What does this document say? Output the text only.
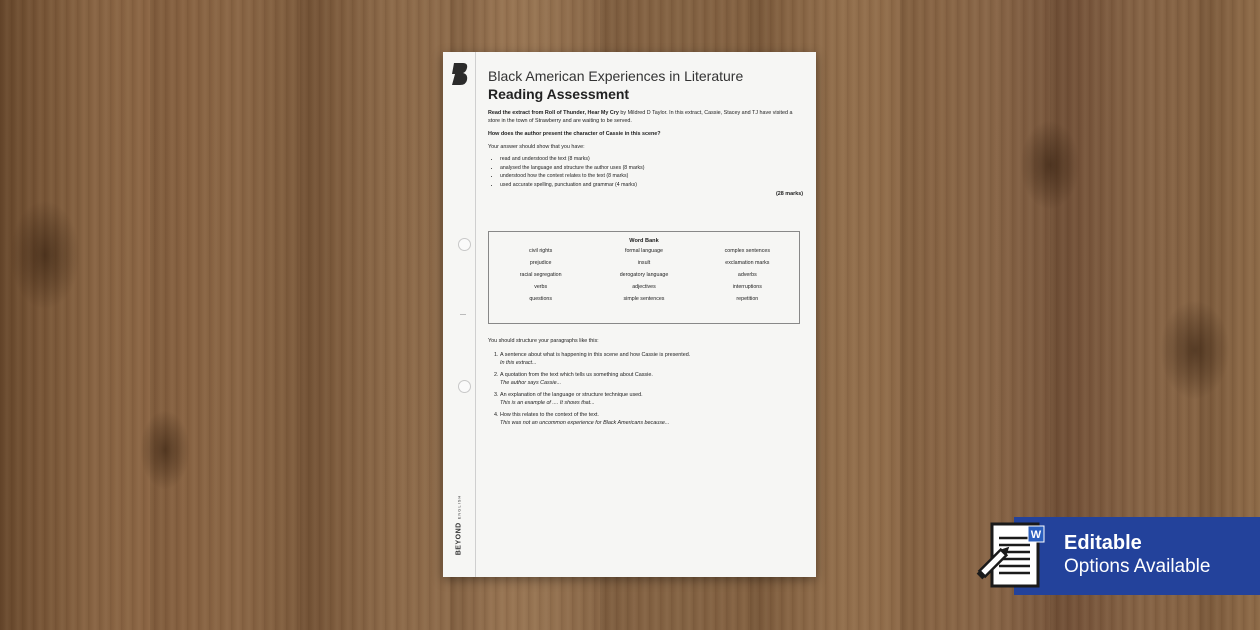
BEYONDENGLISH
Black American Experiences in Literature
Reading Assessment
Read the extract from Roll of Thunder, Hear My Cry by Mildred D Taylor. In this extract, Cassie, Stacey and TJ have visited a store in the town of Strawberry and are waiting to be served.
How does the author present the character of Cassie in this scene?
Your answer should show that you have:
• read and understood the text (8 marks)
• analysed the language and structure the author uses (8 marks)
• understood how the context relates to the text (8 marks)
• used accurate spelling, punctuation and grammar (4 marks)
(28 marks)
Word Bank
civil rights	formal language	complex sentences
prejudice	insult	exclamation marks
racial segregation	derogatory language	adverbs
verbs	adjectives	interruptions
questions	simple sentences	repetition
You should structure your paragraphs like this:
1. A sentence about what is happening in this scene and how Cassie is presented.
In this extract...
2. A quotation from the text which tells us something about Cassie.
The author says Cassie...
3. An explanation of the language or structure technique used.
This is an example of .... It shows that...
4. How this relates to the context of the text.
This was not an uncommon experience for Black Americans because...
Editable
Options Available
W
